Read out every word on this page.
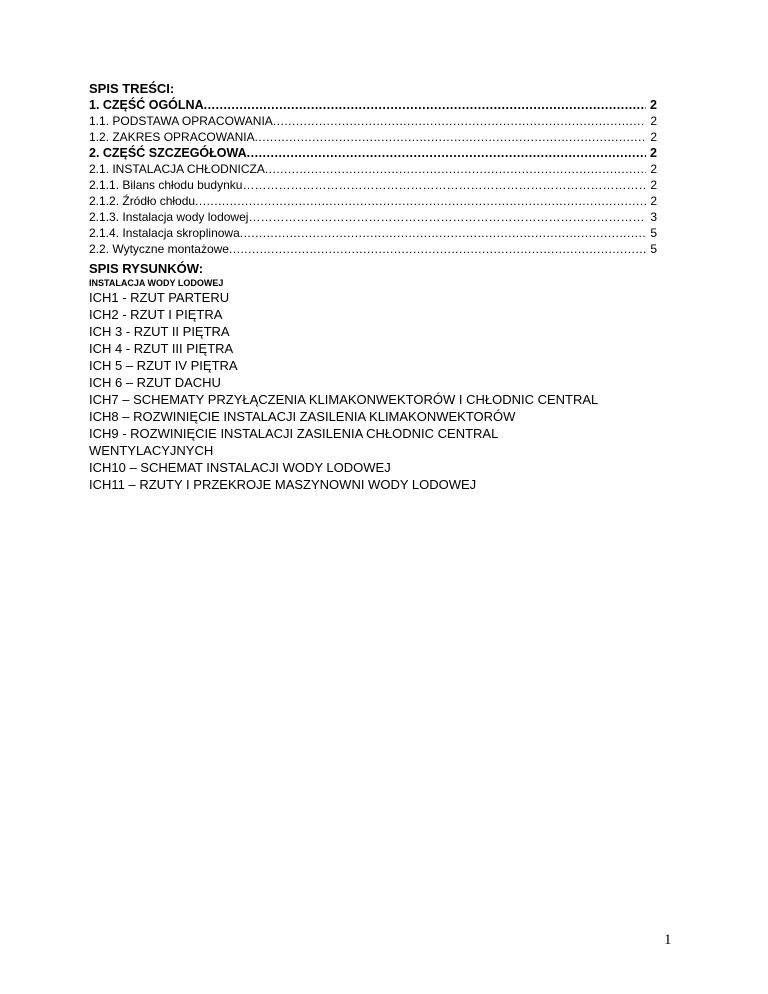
SPIS TREŚCI:
1. CZĘŚĆ OGÓLNA .....	2
1.1. PODSTAWA OPRACOWANIA .....	2
1.2. ZAKRES OPRACOWANIA .....	2
2. CZĘŚĆ SZCZEGÓŁOWA .....	2
2.1. INSTALACJA CHŁODNICZA .....	2
2.1.1. Bilans chłodu budynku ……………………………………………………………………………………………………………………………………………………………………	2
2.1.2. Źródło chłodu .....	2
2.1.3. Instalacja wody lodowej ……………………………………………………………………………………………………………………………………………………………………	3
2.1.4. Instalacja skroplinowa .....	5
2.2. Wytyczne montażowe .....	5
SPIS RYSUNKÓW:
INSTALACJA WODY LODOWEJ
ICH1 - RZUT PARTERU
ICH2 - RZUT I PIĘTRA
ICH 3 - RZUT II PIĘTRA
ICH 4 - RZUT III PIĘTRA
ICH 5 – RZUT IV PIĘTRA
ICH 6 – RZUT DACHU
ICH7 – SCHEMATY PRZYŁĄCZENIA KLIMAKONWEKTORÓW I CHŁODNIC CENTRAL
ICH8 – ROZWINIĘCIE INSTALACJI ZASILENIA KLIMAKONWEKTORÓW
ICH9 - ROZWINIĘCIE INSTALACJI ZASILENIA CHŁODNIC CENTRAL
WENTYLACYJNYCH
ICH10 – SCHEMAT INSTALACJI WODY LODOWEJ
ICH11 – RZUTY I PRZEKROJE MASZYNOWNI WODY LODOWEJ
1
